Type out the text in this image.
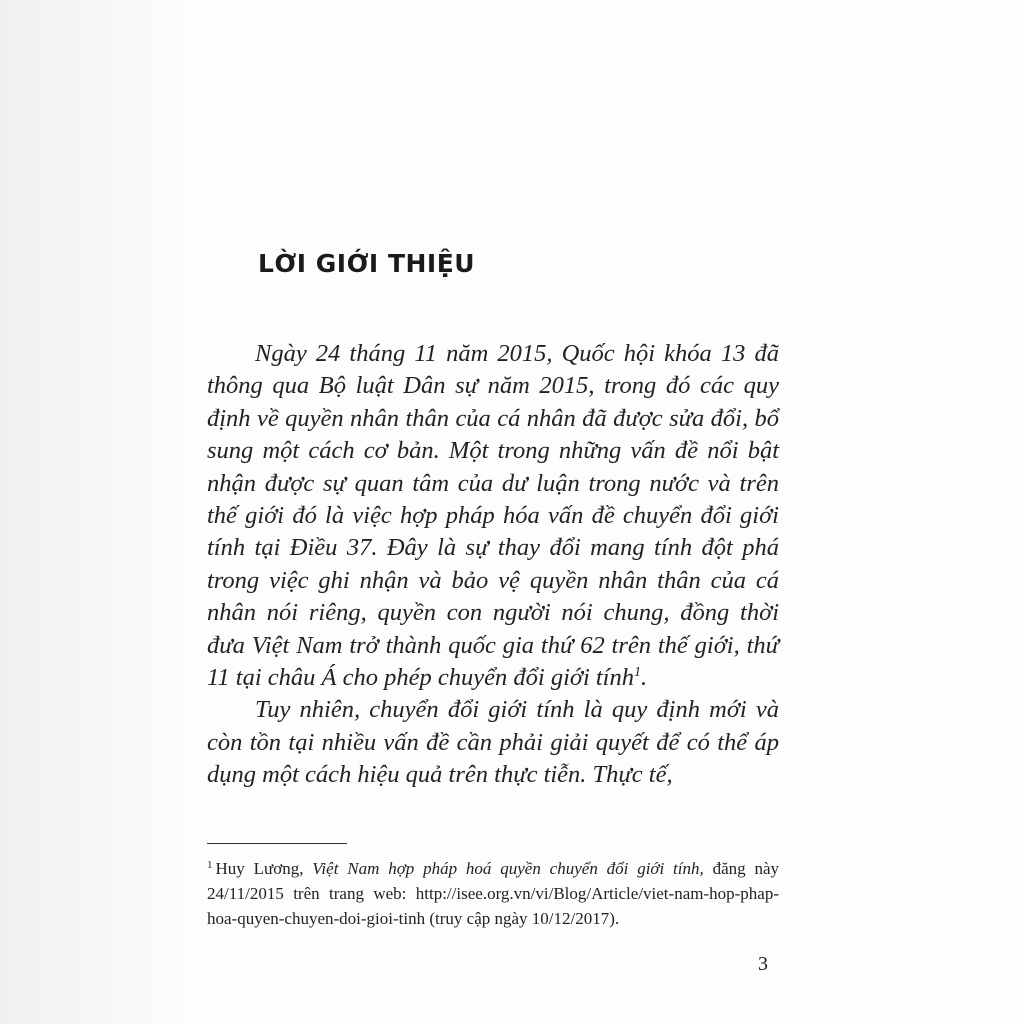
LỜI GIỚI THIỆU

Ngày 24 tháng 11 năm 2015, Quốc hội khóa 13 đã thông qua Bộ luật Dân sự năm 2015, trong đó các quy định về quyền nhân thân của cá nhân đã được sửa đổi, bổ sung một cách cơ bản. Một trong những vấn đề nổi bật nhận được sự quan tâm của dư luận trong nước và trên thế giới đó là việc hợp pháp hóa vấn đề chuyển đổi giới tính tại Điều 37. Đây là sự thay đổi mang tính đột phá trong việc ghi nhận và bảo vệ quyền nhân thân của cá nhân nói riêng, quyền con người nói chung, đồng thời đưa Việt Nam trở thành quốc gia thứ 62 trên thế giới, thứ 11 tại châu Á cho phép chuyển đổi giới tính$^1$.

Tuy nhiên, chuyển đổi giới tính là quy định mới và còn tồn tại nhiều vấn đề cần phải giải quyết để có thể áp dụng một cách hiệu quả trên thực tiễn. Thực tế,

$^1$ Huy Lương, Việt Nam hợp pháp hoá quyền chuyển đổi giới tính, đăng này 24/11/2015 trên trang web: http://isee.org.vn/vi/Blog/Article/viet-nam-hop-phap-hoa-quyen-chuyen-doi-gioi-tinh (truy cập ngày 10/12/2017).

3
